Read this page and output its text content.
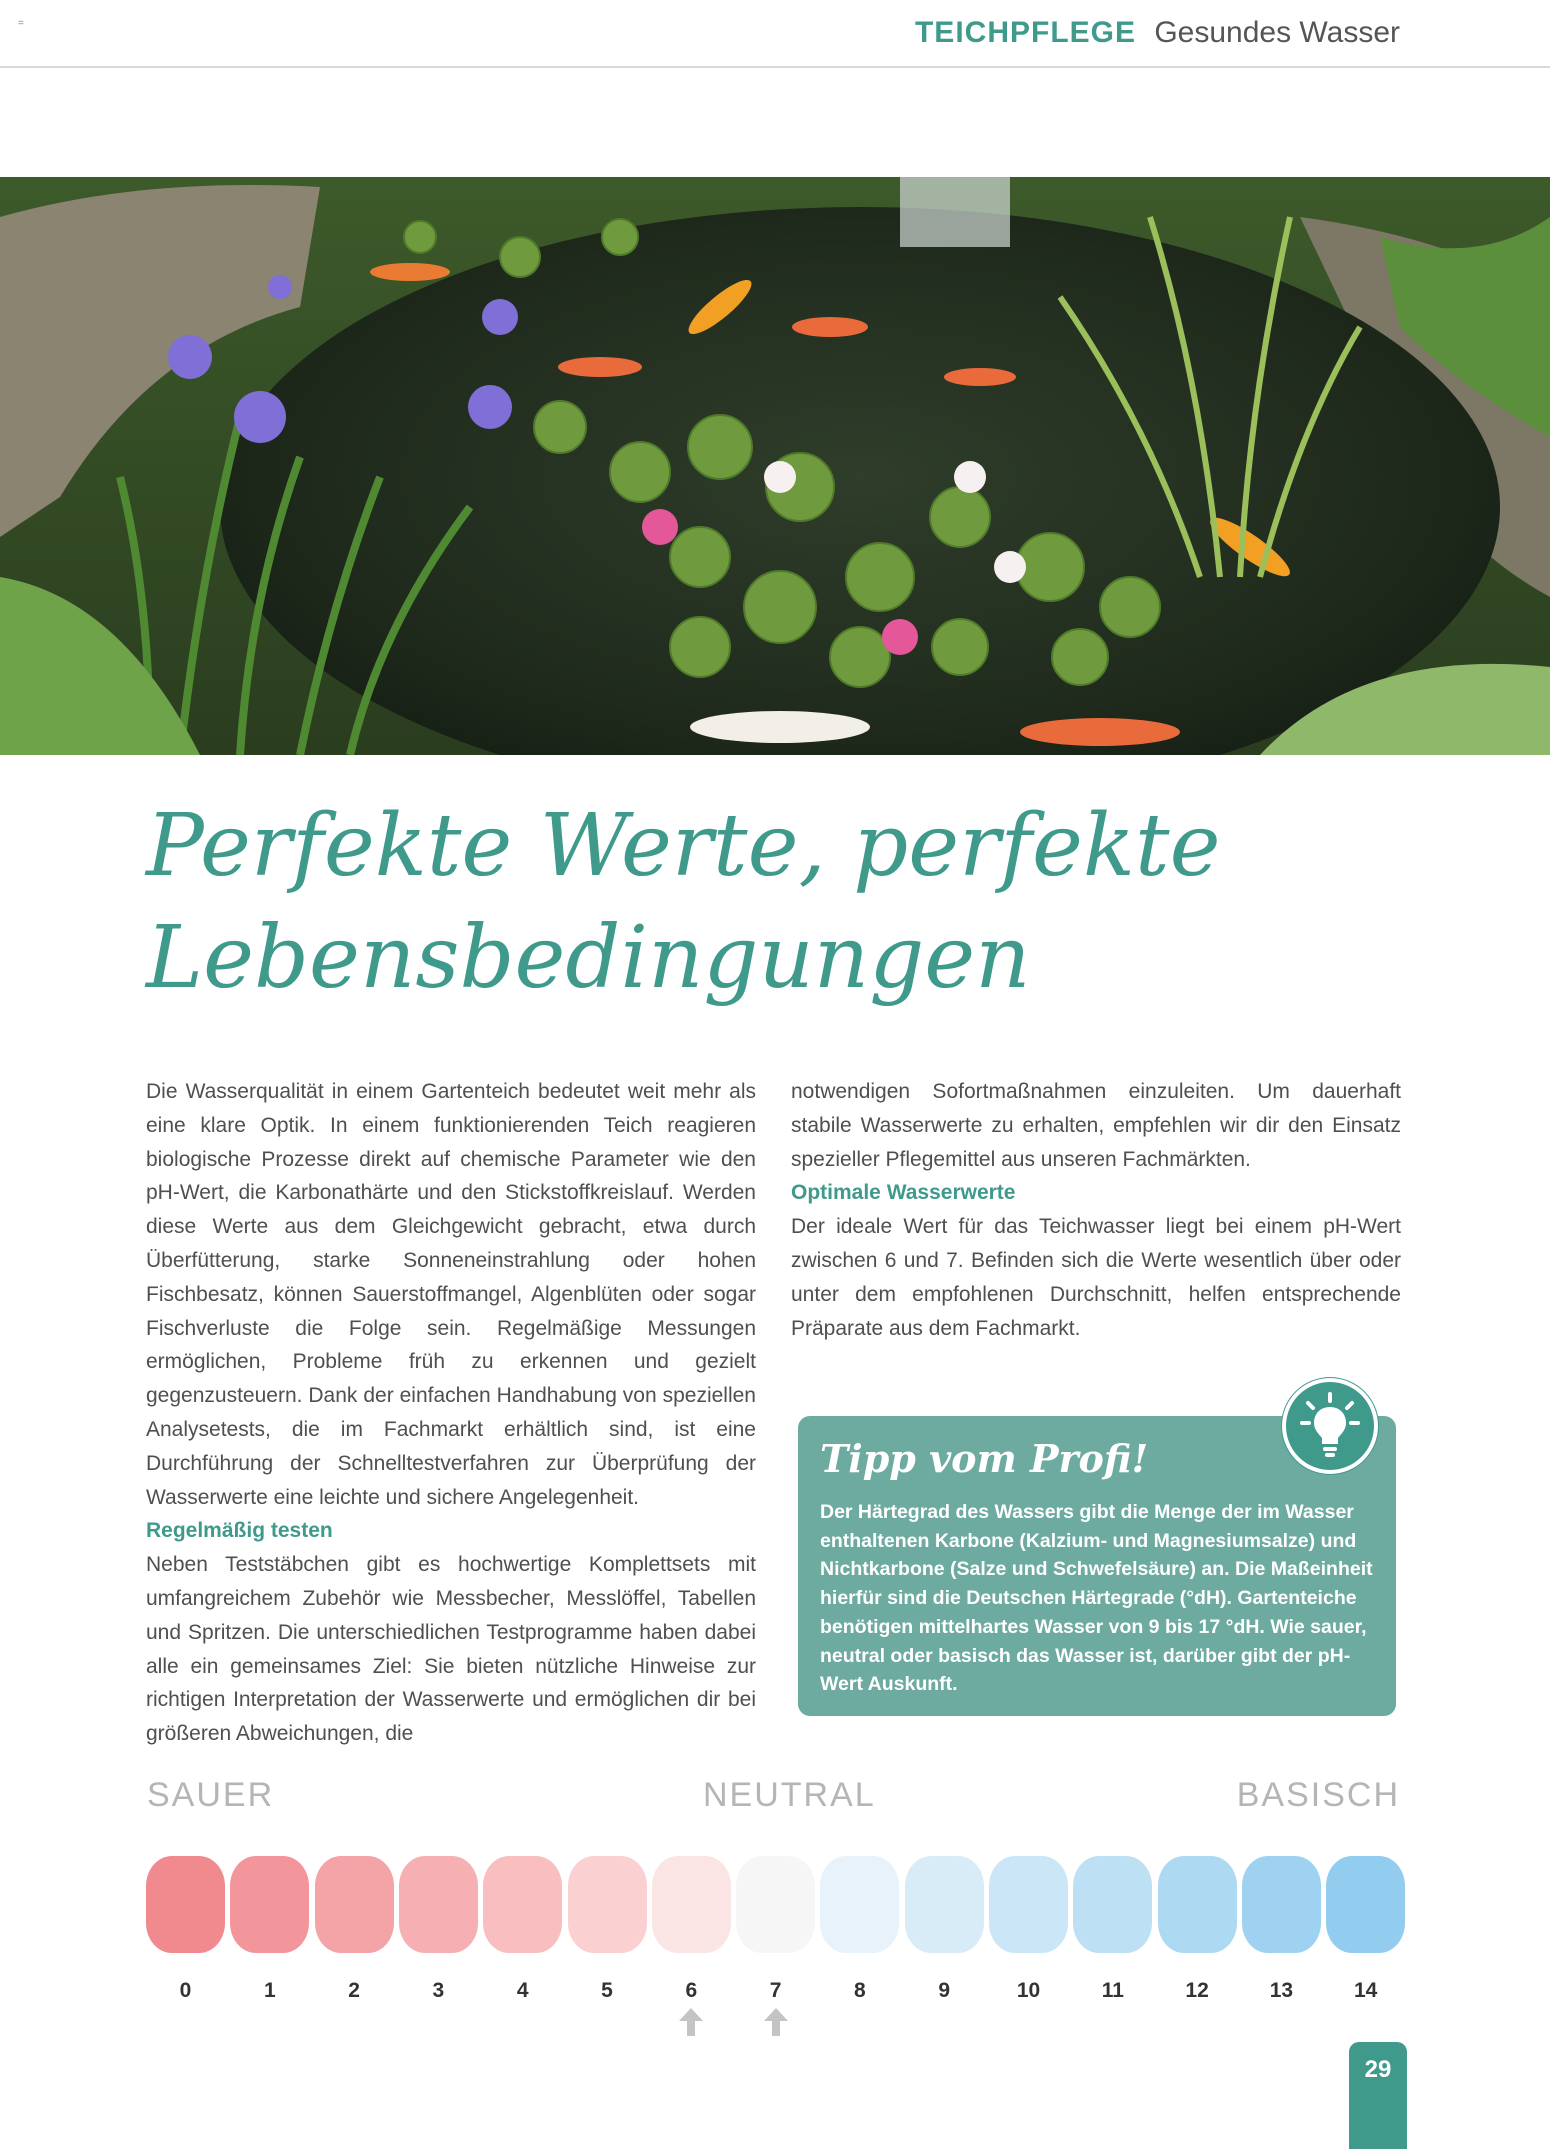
=	TEICHPFLEGE Gesundes Wasser
Perfekte Werte, perfekte
Lebensbedingungen

Die Wasserqualität in einem Gartenteich bedeutet weit mehr als eine klare Optik. In einem funktionierenden Teich reagieren biologische Prozesse direkt auf chemische Parameter wie den pH-Wert, die Karbonathärte und den Stickstoffkreislauf. Werden diese Werte aus dem Gleichgewicht gebracht, etwa durch Überfütterung, starke Sonneneinstrahlung oder hohen Fischbesatz, können Sauerstoffmangel, Algenblüten oder sogar Fischverluste die Folge sein. Regelmäßige Messungen ermöglichen, Probleme früh zu erkennen und gezielt gegenzusteuern. Dank der einfachen Handhabung von speziellen Analysetests, die im Fachmarkt erhältlich sind, ist eine Durchführung der Schnelltestverfahren zur Überprüfung der Wasserwerte eine leichte und sichere Angelegenheit.

Regelmäßig testen

Neben Teststäbchen gibt es hochwertige Komplettsets mit umfangreichem Zubehör wie Messbecher, Messlöffel, Tabellen und Spritzen. Die unterschiedlichen Testprogramme haben dabei alle ein gemeinsames Ziel: Sie bieten nützliche Hinweise zur richtigen Interpretation der Wasserwerte und ermöglichen dir bei größeren Abweichungen, die

notwendigen Sofortmaßnahmen einzuleiten. Um dauerhaft stabile Wasserwerte zu erhalten, empfehlen wir dir den Einsatz spezieller Pflegemittel aus unseren Fachmärkten.

Optimale Wasserwerte

Der ideale Wert für das Teichwasser liegt bei einem pH-Wert zwischen 6 und 7. Befinden sich die Werte wesentlich über oder unter dem empfohlenen Durchschnitt, helfen entsprechende Präparate aus dem Fachmarkt.

Tipp vom Profi!
Der Härtegrad des Wassers gibt die Menge der im Wasser enthaltenen Karbone (Kalzium- und Magnesiumsalze) und Nichtkarbone (Salze und Schwefelsäure) an. Die Maßeinheit hierfür sind die Deutschen Härtegrade (°dH). Gartenteiche benötigen mittelhartes Wasser von 9 bis 17 °dH. Wie sauer, neutral oder basisch das Wasser ist, darüber gibt der pH-Wert Auskunft.
SAUER	NEUTRAL	BASISCH
0	1	2	3	4	5	6	7	8	9	10	11	12	13	14
29
